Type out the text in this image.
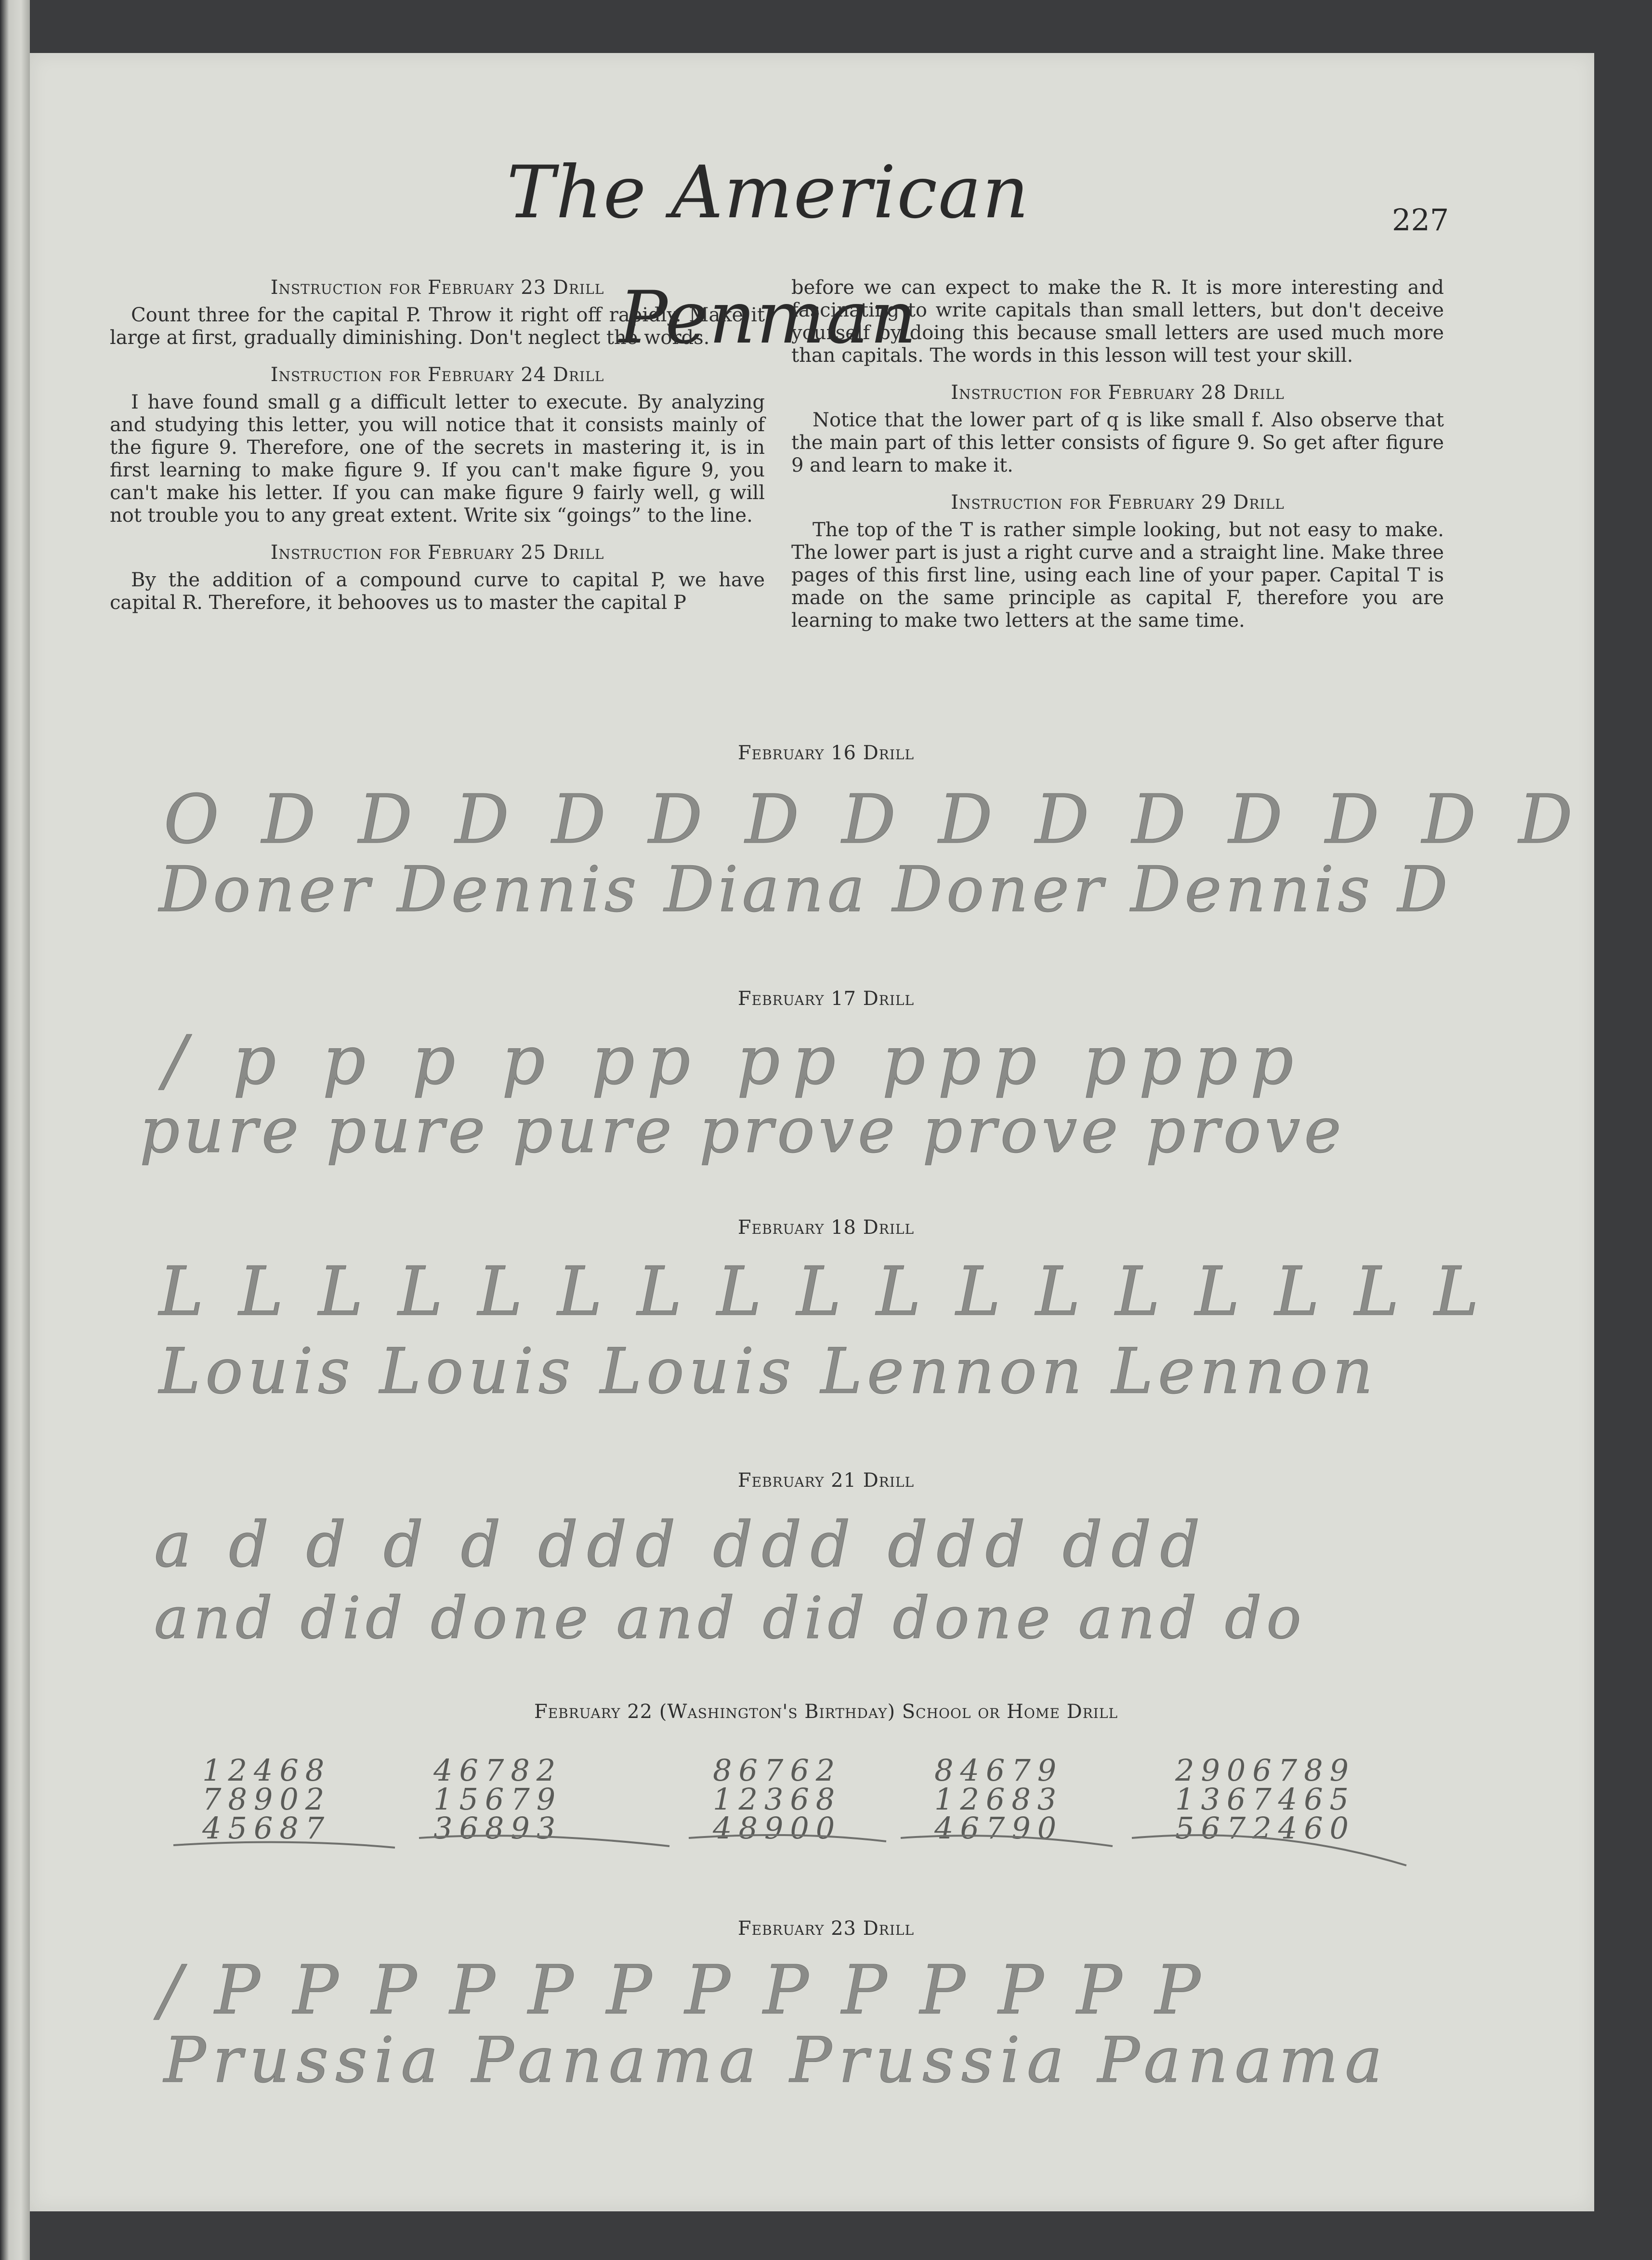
The American Penman
227
Instruction for February 23 Drill

Count three for the capital P. Throw it right off rapidly. Make it large at first, gradually diminishing. Don't neglect the words.

Instruction for February 24 Drill

I have found small g a difficult letter to execute. By analyzing and studying this letter, you will notice that it consists mainly of the figure 9. Therefore, one of the secrets in mastering it, is in first learning to make figure 9. If you can't make figure 9, you can't make his letter. If you can make figure 9 fairly well, g will not trouble you to any great extent. Write six “goings” to the line.

Instruction for February 25 Drill

By the addition of a compound curve to capital P, we have capital R. Therefore, it behooves us to master the capital P

before we can expect to make the R. It is more interesting and fascinating to write capitals than small letters, but don't deceive yourself by doing this because small letters are used much more than capitals. The words in this lesson will test your skill.

Instruction for February 28 Drill

Notice that the lower part of q is like small f. Also observe that the main part of this letter consists of figure 9. So get after figure 9 and learn to make it.

Instruction for February 29 Drill

The top of the T is rather simple looking, but not easy to make. The lower part is just a right curve and a straight line. Make three pages of this first line, using each line of your paper. Capital T is made on the same principle as capital F, therefore you are learning to make two letters at the same time.

February 16 Drill
O D D D D D D D D D D D D D D
Doner Dennis Diana Doner Dennis D
February 17 Drill
/ p p p p pp pp ppp pppp
pure pure pure prove prove prove
February 18 Drill
L L L L L L L L L L L L L L L L L
Louis Louis Louis Lennon Lennon
February 21 Drill
a d d d d ddd ddd ddd ddd
and did done and did done and do
February 22 (Washington's Birthday) School or Home Drill
12468
78902
45687
46782
15679
36893
86762
12368
48900
84679
12683
46790
2906789
1367465
5672460
February 23 Drill
/ P P P P P P P P P P P P P
Prussia Panama Prussia Panama
